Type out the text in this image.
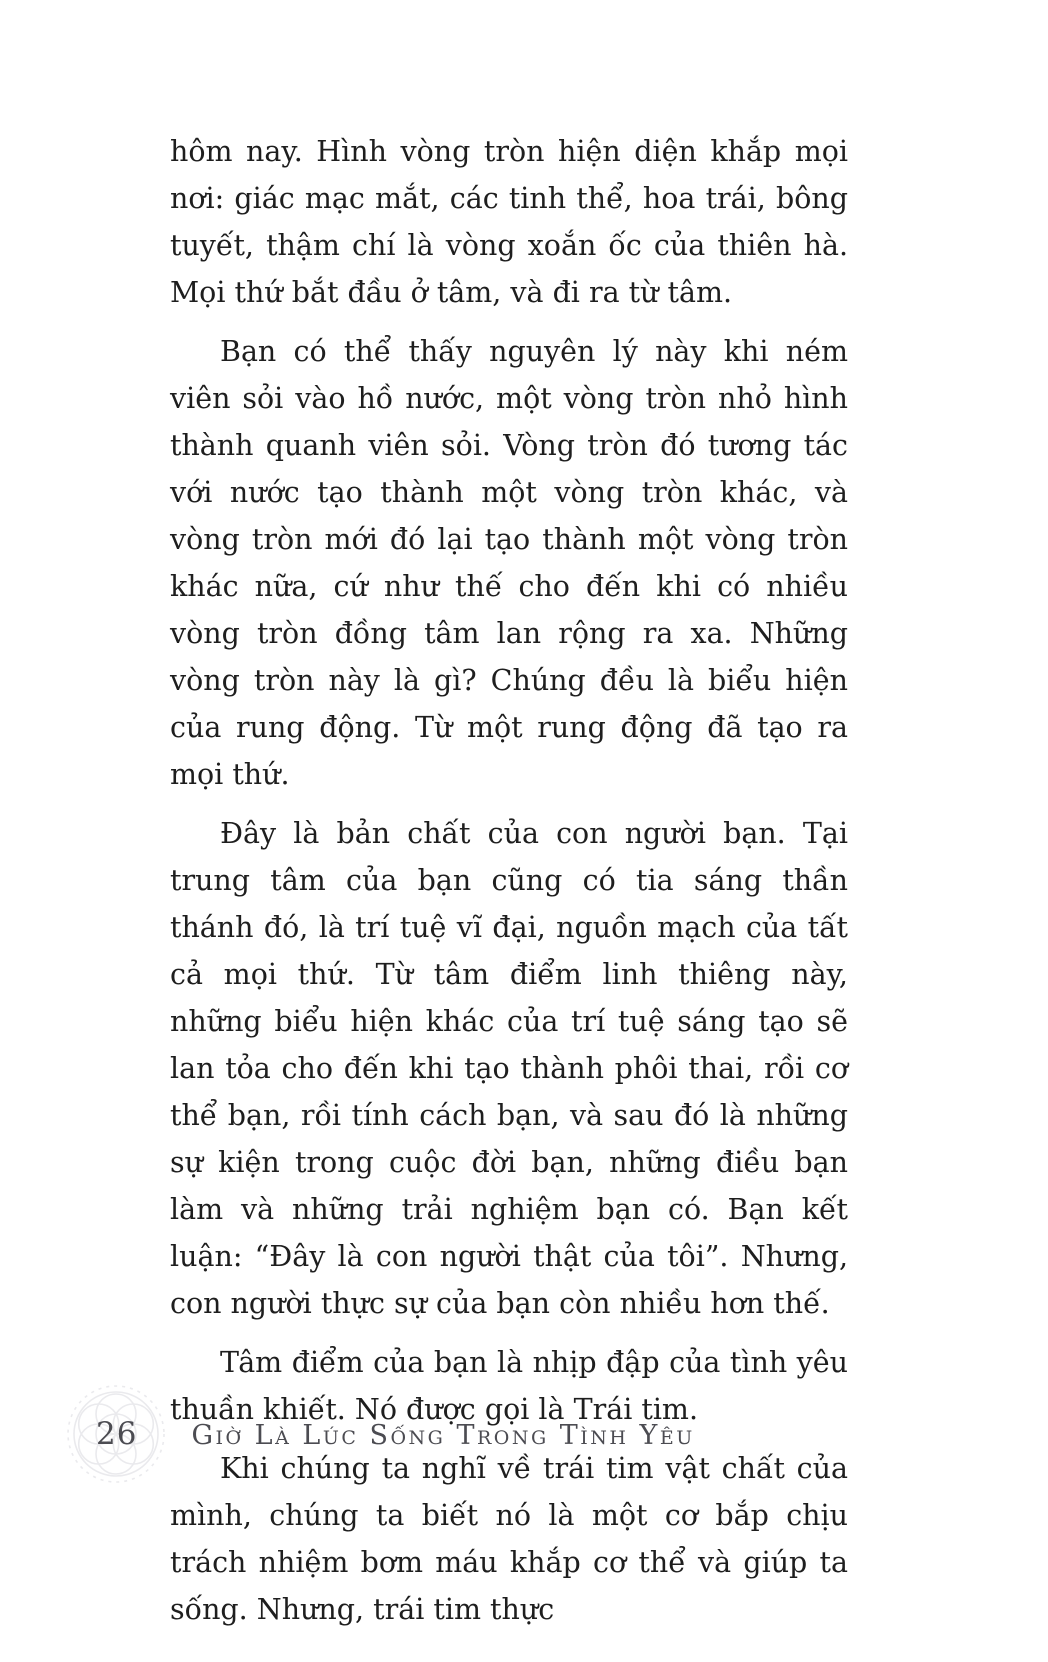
hôm nay. Hình vòng tròn hiện diện khắp mọi nơi: giác mạc mắt, các tinh thể, hoa trái, bông tuyết, thậm chí là vòng xoắn ốc của thiên hà. Mọi thứ bắt đầu ở tâm, và đi ra từ tâm.

Bạn có thể thấy nguyên lý này khi ném viên sỏi vào hồ nước, một vòng tròn nhỏ hình thành quanh viên sỏi. Vòng tròn đó tương tác với nước tạo thành một vòng tròn khác, và vòng tròn mới đó lại tạo thành một vòng tròn khác nữa, cứ như thế cho đến khi có nhiều vòng tròn đồng tâm lan rộng ra xa. Những vòng tròn này là gì? Chúng đều là biểu hiện của rung động. Từ một rung động đã tạo ra mọi thứ.

Đây là bản chất của con người bạn. Tại trung tâm của bạn cũng có tia sáng thần thánh đó, là trí tuệ vĩ đại, nguồn mạch của tất cả mọi thứ. Từ tâm điểm linh thiêng này, những biểu hiện khác của trí tuệ sáng tạo sẽ lan tỏa cho đến khi tạo thành phôi thai, rồi cơ thể bạn, rồi tính cách bạn, và sau đó là những sự kiện trong cuộc đời bạn, những điều bạn làm và những trải nghiệm bạn có. Bạn kết luận: “Đây là con người thật của tôi”. Nhưng, con người thực sự của bạn còn nhiều hơn thế.

Tâm điểm của bạn là nhịp đập của tình yêu thuần khiết. Nó được gọi là Trái tim.

Khi chúng ta nghĩ về trái tim vật chất của mình, chúng ta biết nó là một cơ bắp chịu trách nhiệm bơm máu khắp cơ thể và giúp ta sống. Nhưng, trái tim thực

26 Giờ Là Lúc Sống Trong Tình Yêu
